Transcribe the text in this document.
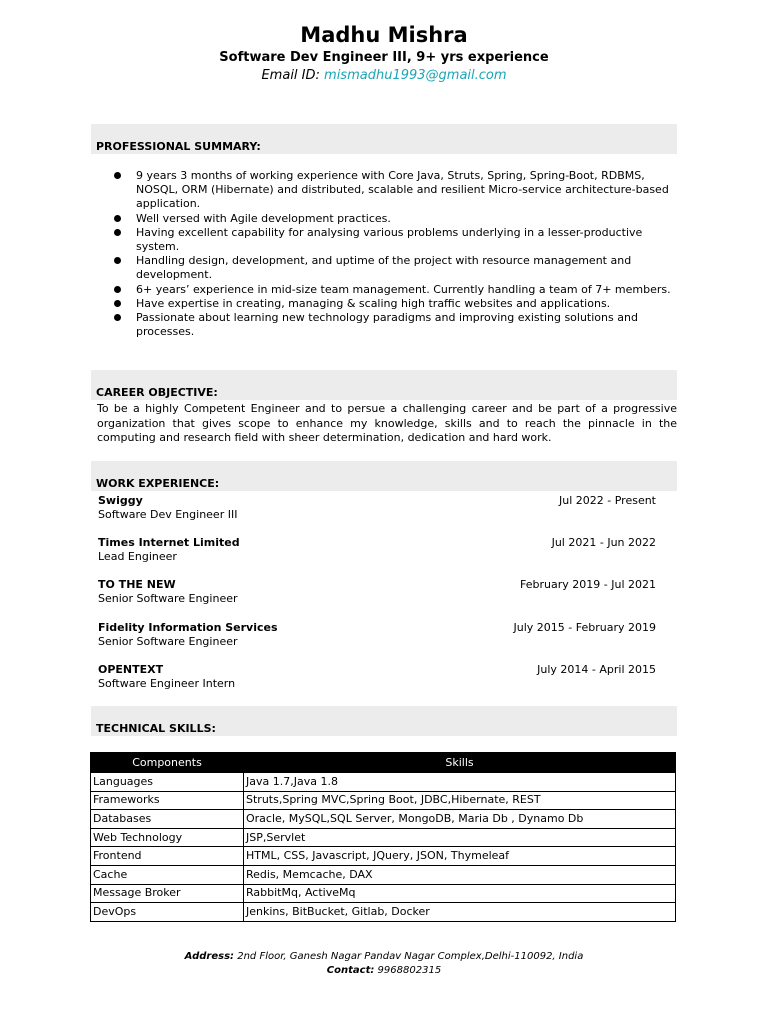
Madhu Mishra
Software Dev Engineer III, 9+ yrs experience
Email ID: mismadhu1993@gmail.com
PROFESSIONAL SUMMARY:
9 years 3 months of working experience with Core Java, Struts, Spring, Spring-Boot, RDBMS, NOSQL, ORM (Hibernate) and distributed, scalable and resilient Micro-service architecture-based application.
Well versed with Agile development practices.
Having excellent capability for analysing various problems underlying in a lesser-productive system.
Handling design, development, and uptime of the project with resource management and development.
6+ years’ experience in mid-size team management. Currently handling a team of 7+ members.
Have expertise in creating, managing & scaling high traffic websites and applications.
Passionate about learning new technology paradigms and improving existing solutions and processes.
CAREER OBJECTIVE:
To be a highly Competent Engineer and to persue a challenging career and be part of a progressive organization that gives scope to enhance my knowledge, skills and to reach the pinnacle in the computing and research field with sheer determination, dedication and hard work.
WORK EXPERIENCE:
Swiggy
Software Dev Engineer III
Jul 2022 - Present
Times Internet Limited
Lead Engineer
Jul 2021 - Jun 2022
TO THE NEW
Senior Software Engineer
February 2019 - Jul 2021
Fidelity Information Services
Senior Software Engineer
July 2015 - February 2019
OPENTEXT
Software Engineer Intern
July 2014 - April 2015
TECHNICAL SKILLS:
Components	Skills
Languages	Java 1.7,Java 1.8
Frameworks	Struts,Spring MVC,Spring Boot, JDBC,Hibernate, REST
Databases	Oracle, MySQL,SQL Server, MongoDB, Maria Db , Dynamo Db
Web Technology	JSP,Servlet
Frontend	HTML, CSS, Javascript, JQuery, JSON, Thymeleaf
Cache	Redis, Memcache, DAX
Message Broker	RabbitMq, ActiveMq
DevOps	Jenkins, BitBucket, Gitlab, Docker
Address: 2nd Floor, Ganesh Nagar Pandav Nagar Complex,Delhi-110092, India
Contact: 9968802315
